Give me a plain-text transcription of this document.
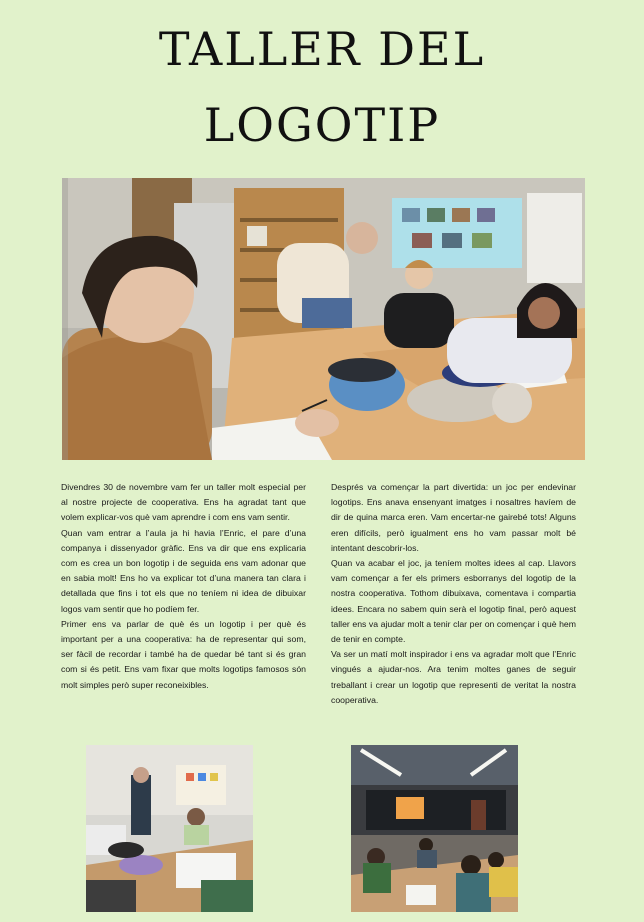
TALLER DEL
LOGOTIP

Divendres 30 de novembre vam fer un taller molt especial per al nostre projecte de cooperativa. Ens ha agradat tant que volem explicar-vos què vam aprendre i com ens vam sentir.

Quan vam entrar a l’aula ja hi havia l’Enric, el pare d’una companya i dissenyador gràfic. Ens va dir que ens explicaria com es crea un bon logotip i de seguida ens vam adonar que en sabia molt! Ens ho va explicar tot d’una manera tan clara i detallada que fins i tot els que no teníem ni idea de dibuixar logos vam sentir que ho podíem fer.

Primer ens va parlar de què és un logotip i per què és important per a una cooperativa: ha de representar qui som, ser fàcil de recordar i també ha de quedar bé tant si és gran com si és petit. Ens vam fixar que molts logotips famosos són molt simples però super reconeixibles.

Després va començar la part divertida: un joc per endevinar logotips. Ens anava ensenyant imatges i nosaltres havíem de dir de quina marca eren. Vam encertar-ne gairebé tots! Alguns eren difícils, però igualment ens ho vam passar molt bé intentant descobrir-los.

Quan va acabar el joc, ja teníem moltes idees al cap. Llavors vam començar a fer els primers esborranys del logotip de la nostra cooperativa. Tothom dibuixava, comentava i compartia idees. Encara no sabem quin serà el logotip final, però aquest taller ens va ajudar molt a tenir clar per on començar i què hem de tenir en compte.

Va ser un matí molt inspirador i ens va agradar molt que l’Enric vingués a ajudar-nos. Ara tenim moltes ganes de seguir treballant i crear un logotip que representi de veritat la nostra cooperativa.
